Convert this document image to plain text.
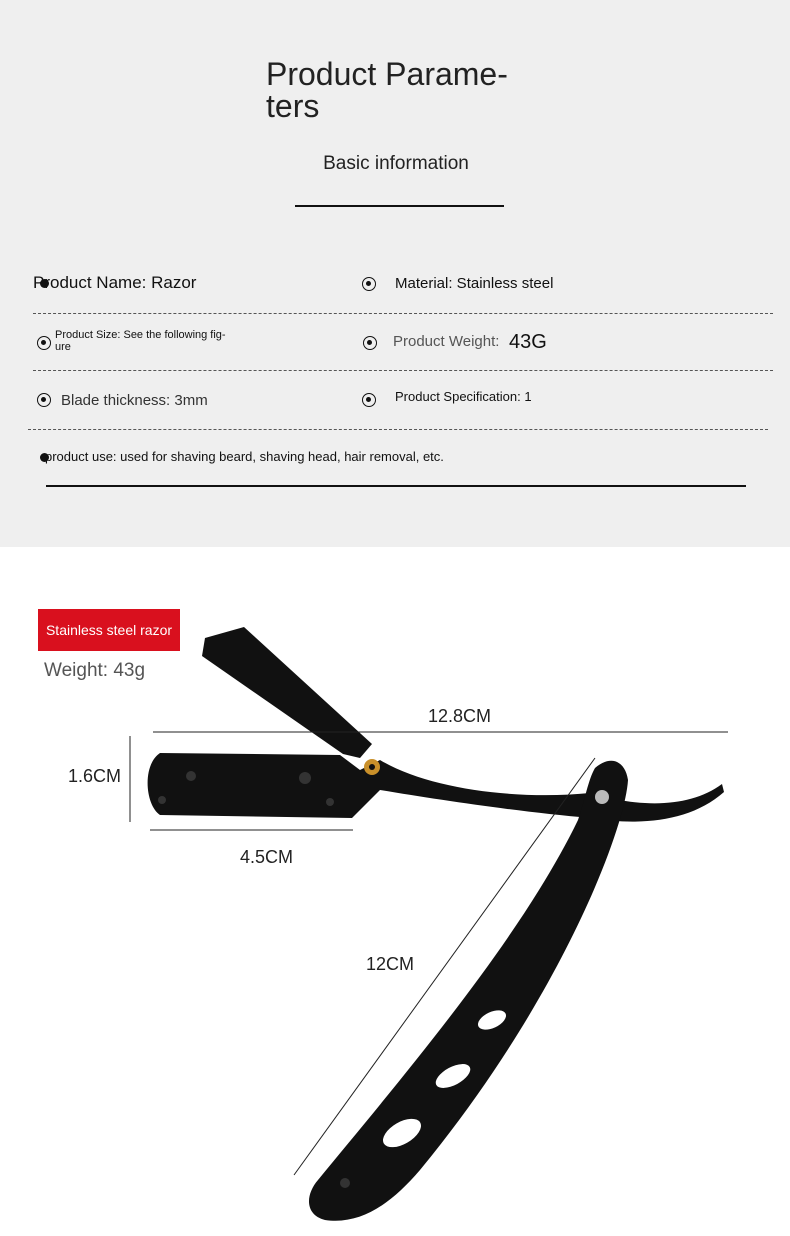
Product Parame-
ters
Basic information
Product Name: Razor	Material: Stainless steel
Product Size: See the following fig-
ure	Product Weight: 43G
Blade thickness: 3mm	Product Specification: 1
product use: used for shaving beard, shaving head, hair removal, etc.
Stainless steel razor
Weight: 43g
12.8CM
1.6CM
4.5CM
12CM
